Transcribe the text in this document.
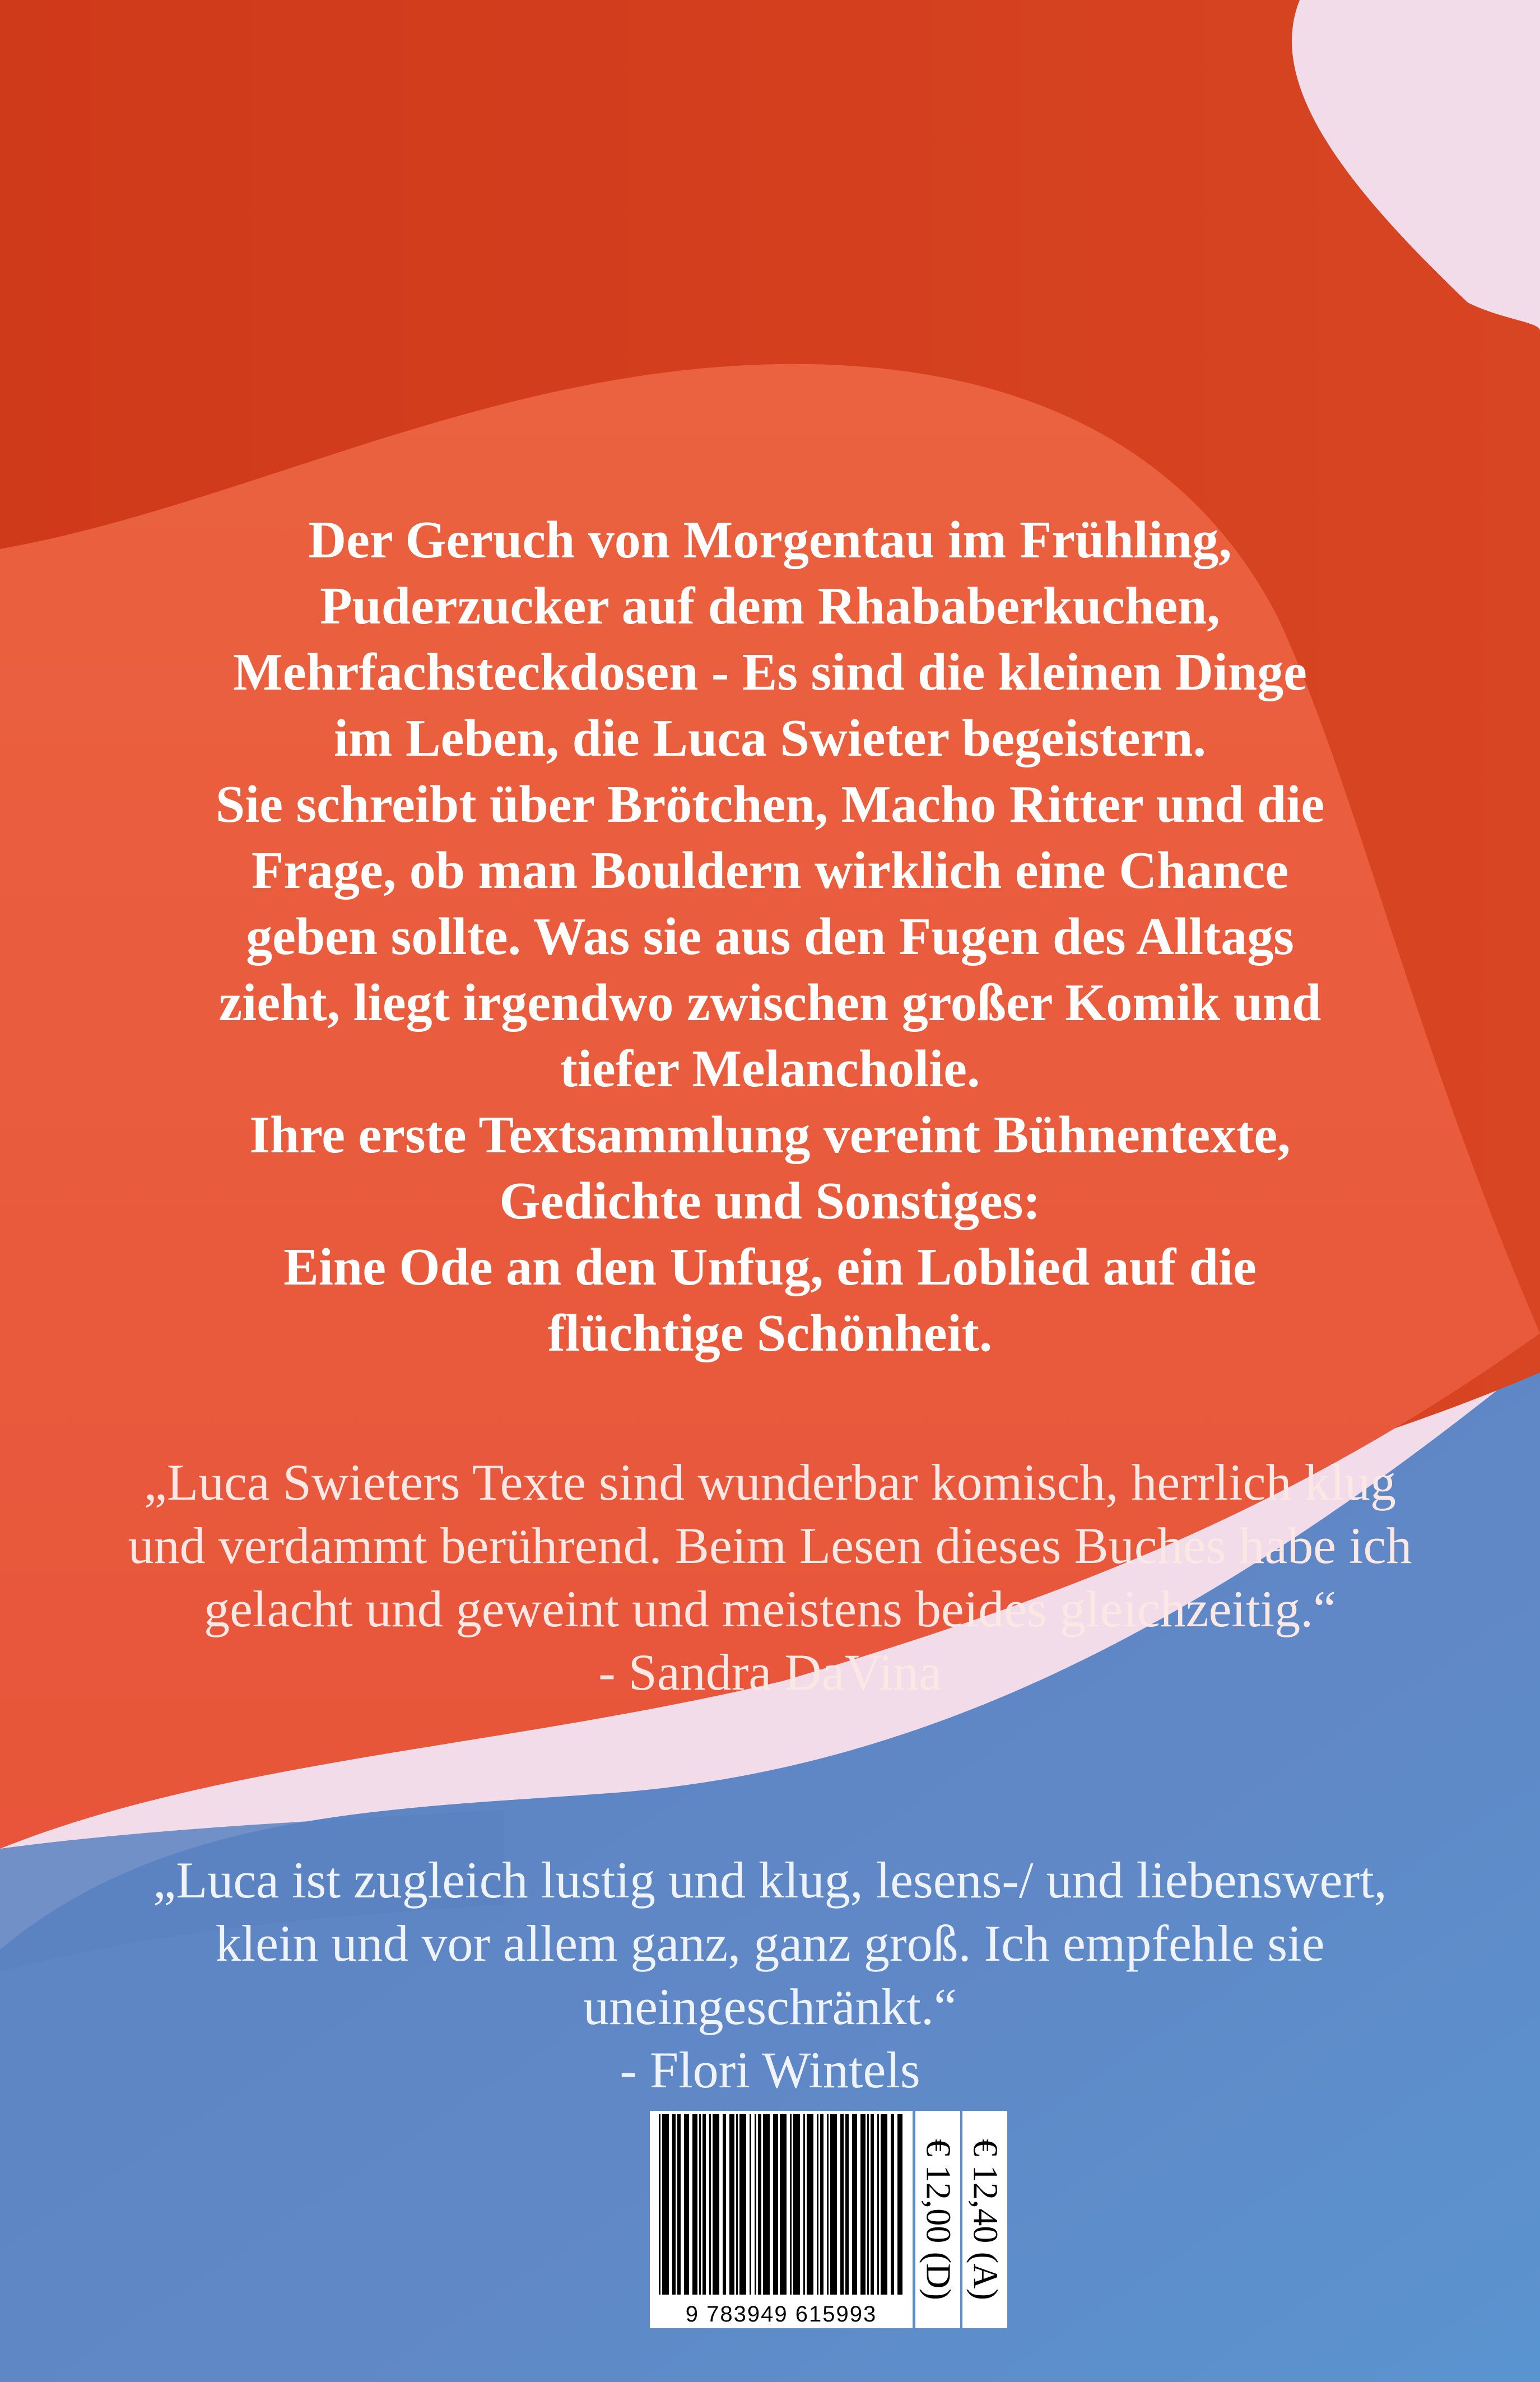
Der Geruch von Morgentau im Frühling,

Puderzucker auf dem Rhababerkuchen,

Mehrfachsteckdosen - Es sind die kleinen Dinge

im Leben, die Luca Swieter begeistern.

Sie schreibt über Brötchen, Macho Ritter und die

Frage, ob man Bouldern wirklich eine Chance

geben sollte. Was sie aus den Fugen des Alltags

zieht, liegt irgendwo zwischen großer Komik und

tiefer Melancholie.

Ihre erste Textsammlung vereint Bühnentexte,

Gedichte und Sonstiges:

Eine Ode an den Unfug, ein Loblied auf die

flüchtige Schönheit.

„Luca Swieters Texte sind wunderbar komisch, herrlich klug

und verdammt berührend. Beim Lesen dieses Buches habe ich

gelacht und geweint und meistens beides gleichzeitig.“

- Sandra DaVina

„Luca ist zugleich lustig und klug, lesens-/ und liebenswert,

klein und vor allem ganz, ganz groß. Ich empfehle sie

uneingeschränkt.“

- Flori Wintels

9 783949 615993
€ 12,00 (D) € 12,40 (A)
